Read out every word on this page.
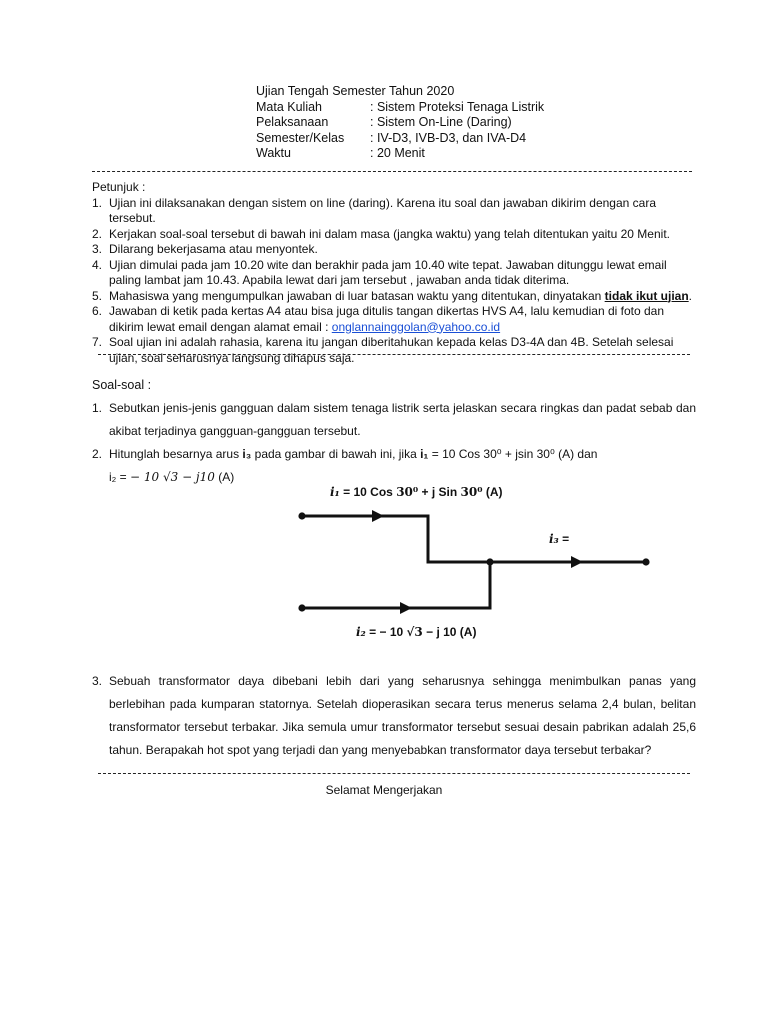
Ujian Tengah Semester Tahun 2020
Mata Kuliah	: Sistem Proteksi Tenaga Listrik
Pelaksanaan	: Sistem On-Line (Daring)
Semester/Kelas	: IV-D3, IVB-D3, dan IVA-D4
Waktu	: 20 Menit
Petunjuk :
1. Ujian ini dilaksanakan dengan sistem on line (daring). Karena itu soal dan jawaban dikirim dengan cara tersebut.
2. Kerjakan soal-soal tersebut di bawah ini dalam masa (jangka waktu) yang telah ditentukan yaitu 20 Menit.
3. Dilarang bekerjasama atau menyontek.
4. Ujian dimulai pada jam 10.20 wite dan berakhir pada jam 10.40 wite tepat. Jawaban ditunggu lewat email paling lambat jam 10.43. Apabila lewat dari jam tersebut , jawaban anda tidak diterima.
5. Mahasiswa yang mengumpulkan jawaban di luar batasan waktu yang ditentukan, dinyatakan tidak ikut ujian.
6. Jawaban di ketik pada kertas A4 atau bisa juga ditulis tangan dikertas HVS A4, lalu kemudian di foto dan dikirim lewat email dengan alamat email : onglannainggolan@yahoo.co.id
7. Soal ujian ini adalah rahasia, karena itu jangan diberitahukan kepada kelas D3-4A dan 4B. Setelah selesai ujian, soal seharusnya langsung dihapus saja.
Soal-soal :
1. Sebutkan jenis-jenis gangguan dalam sistem tenaga listrik serta jelaskan secara ringkas dan padat sebab dan akibat terjadinya gangguan-gangguan tersebut.
2. Hitunglah besarnya arus i₃ pada gambar di bawah ini, jika i₁ = 10 Cos 30⁰ + jsin 30⁰ (A) dan
i₂ = − 10 √3 − j10 (A)
i₁ = 10 Cos 30⁰ + j Sin 30⁰ (A)
i₃ =
i₂ = − 10 √3 − j 10 (A)
3. Sebuah transformator daya dibebani lebih dari yang seharusnya sehingga menimbulkan panas yang berlebihan pada kumparan statornya. Setelah dioperasikan secara terus menerus selama 2,4 bulan, belitan transformator tersebut terbakar. Jika semula umur transformator tersebut sesuai desain pabrikan adalah 25,6 tahun. Berapakah hot spot yang terjadi dan yang menyebabkan transformator daya tersebut terbakar?
Selamat Mengerjakan
